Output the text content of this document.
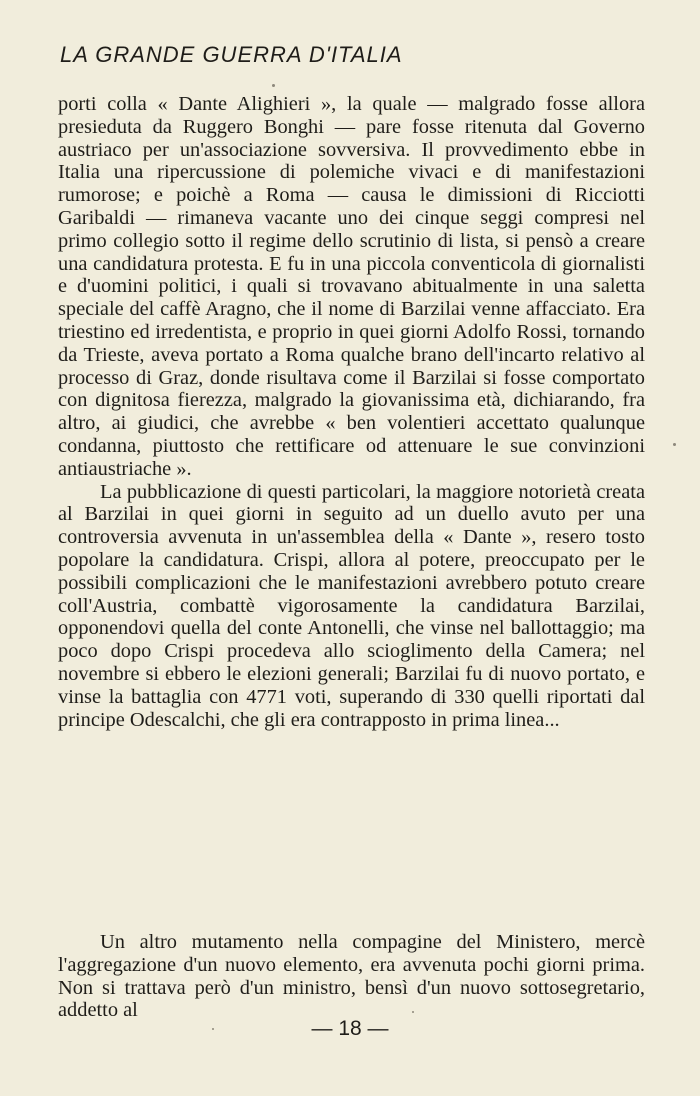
LA GRANDE GUERRA D'ITALIA

porti colla « Dante Alighieri », la quale — malgrado fosse allora presieduta da Ruggero Bonghi — pare fosse ritenuta dal Governo austriaco per un'associazione sovversiva. Il provvedimento ebbe in Italia una ripercussione di polemiche vivaci e di manifestazioni rumorose; e poichè a Roma — causa le dimissioni di Ricciotti Garibaldi — rimaneva vacante uno dei cinque seggi compresi nel primo collegio sotto il regime dello scrutinio di lista, si pensò a creare una candidatura protesta. E fu in una piccola conventicola di giornalisti e d'uomini politici, i quali si trovavano abitualmente in una saletta speciale del caffè Aragno, che il nome di Barzilai venne affacciato. Era triestino ed irredentista, e proprio in quei giorni Adolfo Rossi, tornando da Trieste, aveva portato a Roma qualche brano dell'incarto relativo al processo di Graz, donde risultava come il Barzilai si fosse comportato con dignitosa fierezza, malgrado la giovanissima età, dichiarando, fra altro, ai giudici, che avrebbe « ben volentieri accettato qualunque condanna, piuttosto che rettificare od attenuare le sue convinzioni antiaustriache ».

La pubblicazione di questi particolari, la maggiore notorietà creata al Barzilai in quei giorni in seguito ad un duello avuto per una controversia avvenuta in un'assemblea della « Dante », resero tosto popolare la candidatura. Crispi, allora al potere, preoccupato per le possibili complicazioni che le manifestazioni avrebbero potuto creare coll'Austria, combattè vigorosamente la candidatura Barzilai, opponendovi quella del conte Antonelli, che vinse nel ballottaggio; ma poco dopo Crispi procedeva allo scioglimento della Camera; nel novembre si ebbero le elezioni generali; Barzilai fu di nuovo portato, e vinse la battaglia con 4771 voti, superando di 330 quelli riportati dal principe Odescalchi, che gli era contrapposto in prima linea...

Un altro mutamento nella compagine del Ministero, mercè l'aggregazione d'un nuovo elemento, era avvenuta pochi giorni prima. Non si trattava però d'un ministro, bensì d'un nuovo sottosegretario, addetto al

— 18 —
